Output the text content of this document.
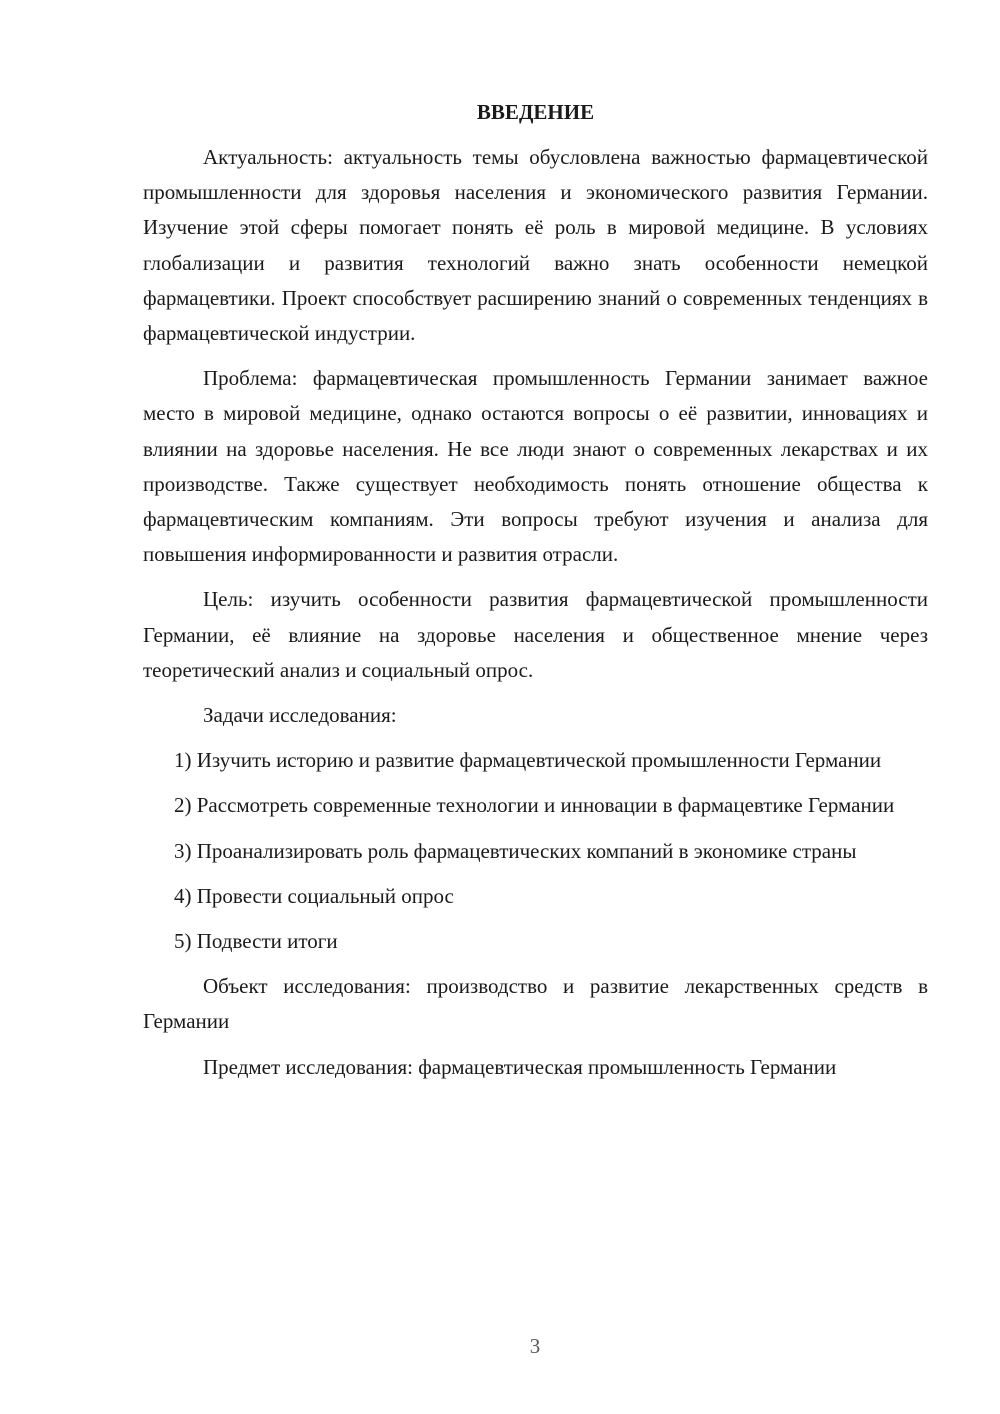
ВВЕДЕНИЕ

Актуальность: актуальность темы обусловлена важностью фармацевтической промышленности для здоровья населения и экономического развития Германии. Изучение этой сферы помогает понять её роль в мировой медицине. В условиях глобализации и развития технологий важно знать особенности немецкой фармацевтики. Проект способствует расширению знаний о современных тенденциях в фармацевтической индустрии.

Проблема: фармацевтическая промышленность Германии занимает важное место в мировой медицине, однако остаются вопросы о её развитии, инновациях и влиянии на здоровье населения. Не все люди знают о современных лекарствах и их производстве. Также существует необходимость понять отношение общества к фармацевтическим компаниям. Эти вопросы требуют изучения и анализа для повышения информированности и развития отрасли.

Цель: изучить особенности развития фармацевтической промышленности Германии, её влияние на здоровье населения и общественное мнение через теоретический анализ и социальный опрос.

Задачи исследования:

1) Изучить историю и развитие фармацевтической промышленности Германии

2) Рассмотреть современные технологии и инновации в фармацевтике Германии

3) Проанализировать роль фармацевтических компаний в экономике страны

4) Провести социальный опрос

5) Подвести итоги

Объект исследования: производство и развитие лекарственных средств в Германии

Предмет исследования: фармацевтическая промышленность Германии

3
